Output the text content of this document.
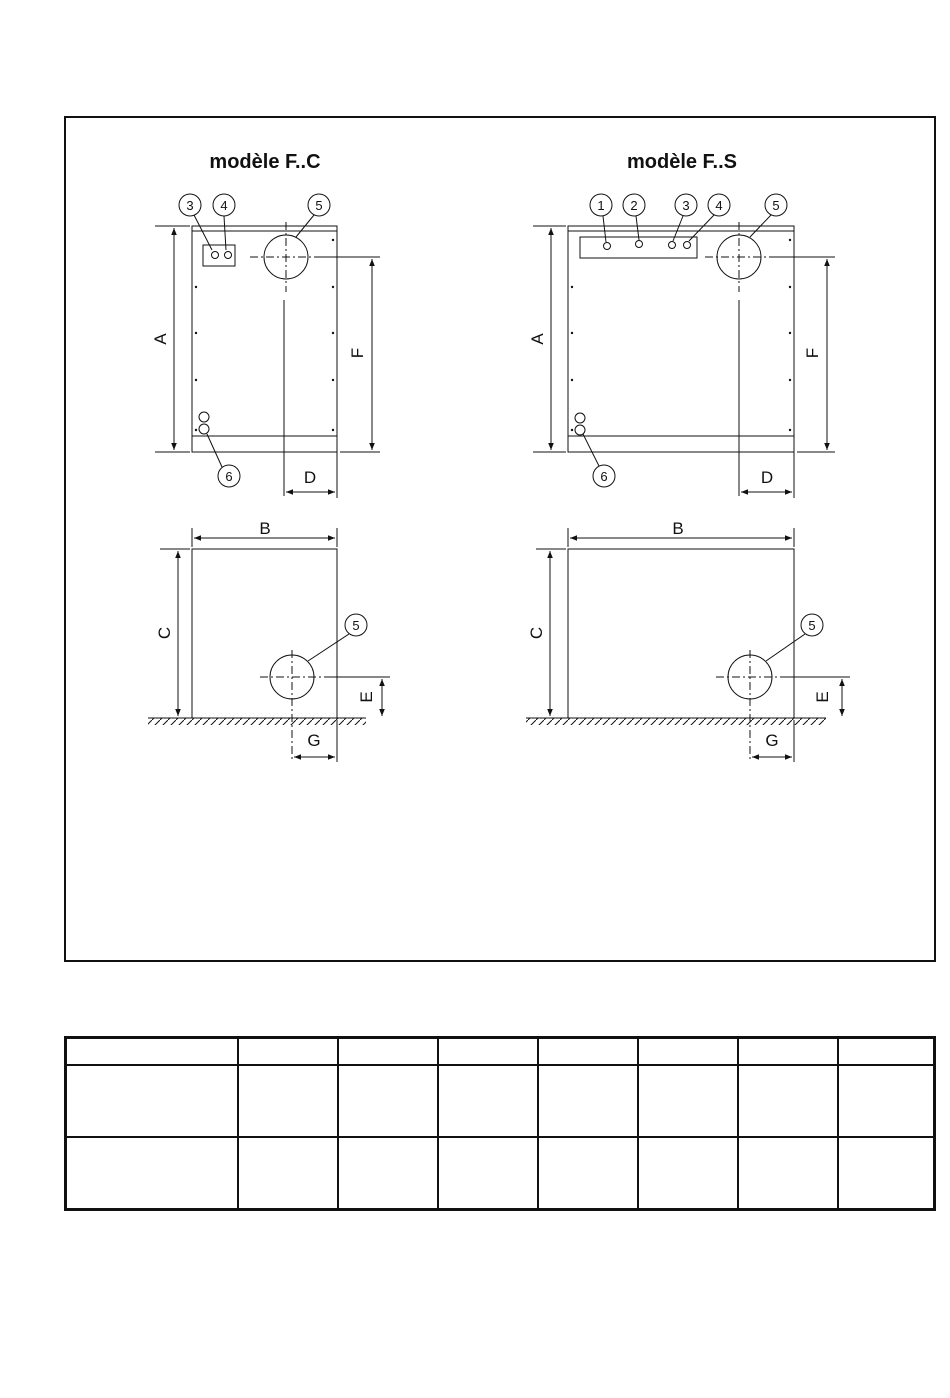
modèle F..C
A
F
D
3 4	5
6
B
C
E
G
5
modèle F..S
A
F
D
1 2	3 4	5
6
B
C
E
G
5
